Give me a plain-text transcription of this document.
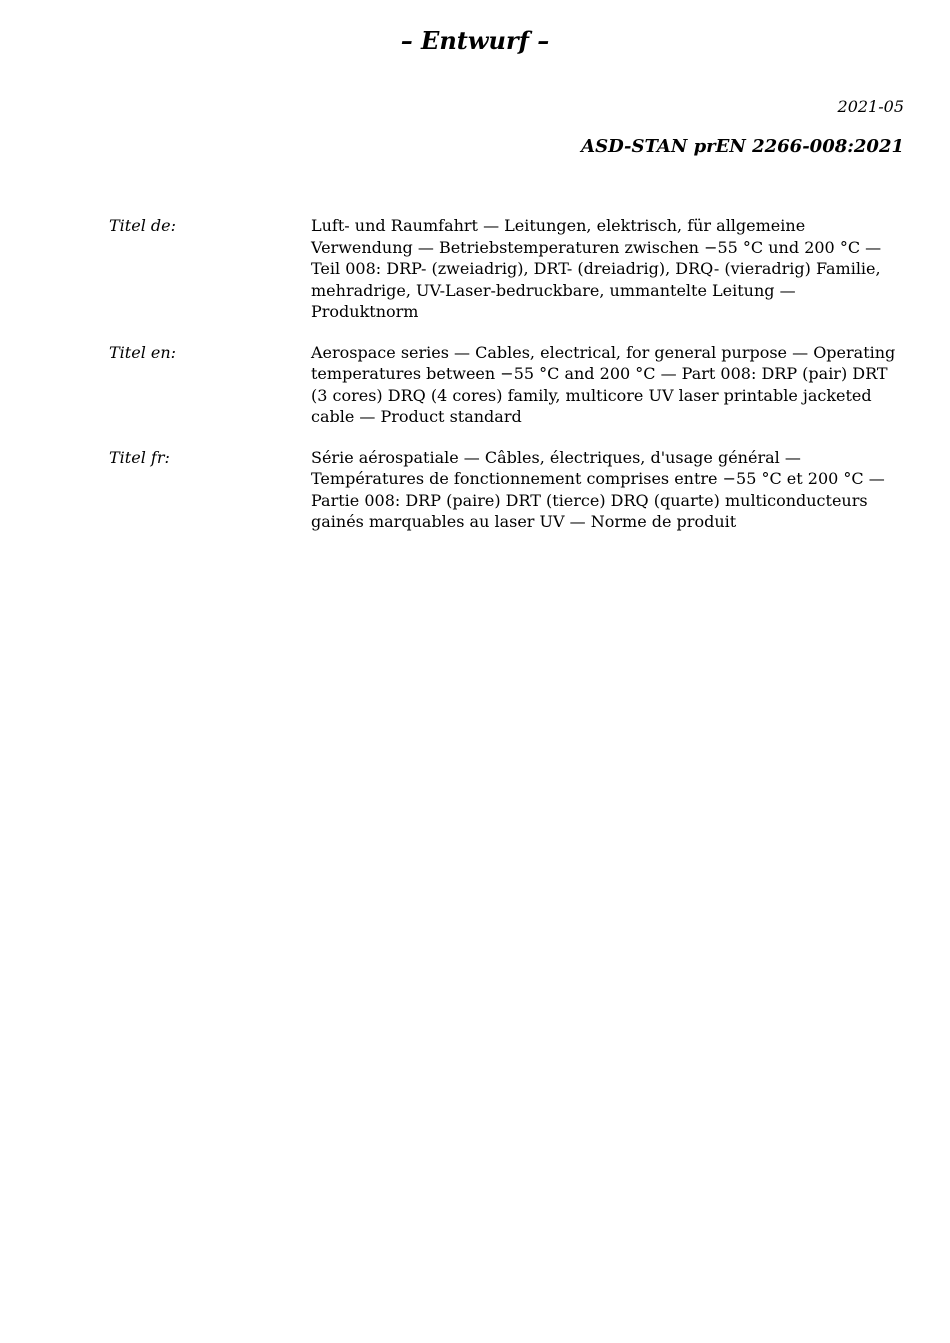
– Entwurf –
2021-05
ASD-STAN prEN 2266-008:2021
Titel de:	Luft- und Raumfahrt — Leitungen, elektrisch, für allgemeine Verwendung — Betriebstemperaturen zwischen −55 °C und 200 °C — Teil 008: DRP- (zweiadrig), DRT- (dreiadrig), DRQ- (vieradrig) Familie, mehradrige, UV-Laser-bedruckbare, ummantelte Leitung — Produktnorm
Titel en:	Aerospace series — Cables, electrical, for general purpose — Operating temperatures between −55 °C and 200 °C — Part 008: DRP (pair) DRT (3 cores) DRQ (4 cores) family, multicore UV laser printable jacketed cable — Product standard
Titel fr:	Série aérospatiale — Câbles, électriques, d'usage général — Températures de fonctionnement comprises entre −55 °C et 200 °C — Partie 008: DRP (paire) DRT (tierce) DRQ (quarte) multiconducteurs gainés marquables au laser UV — Norme de produit
